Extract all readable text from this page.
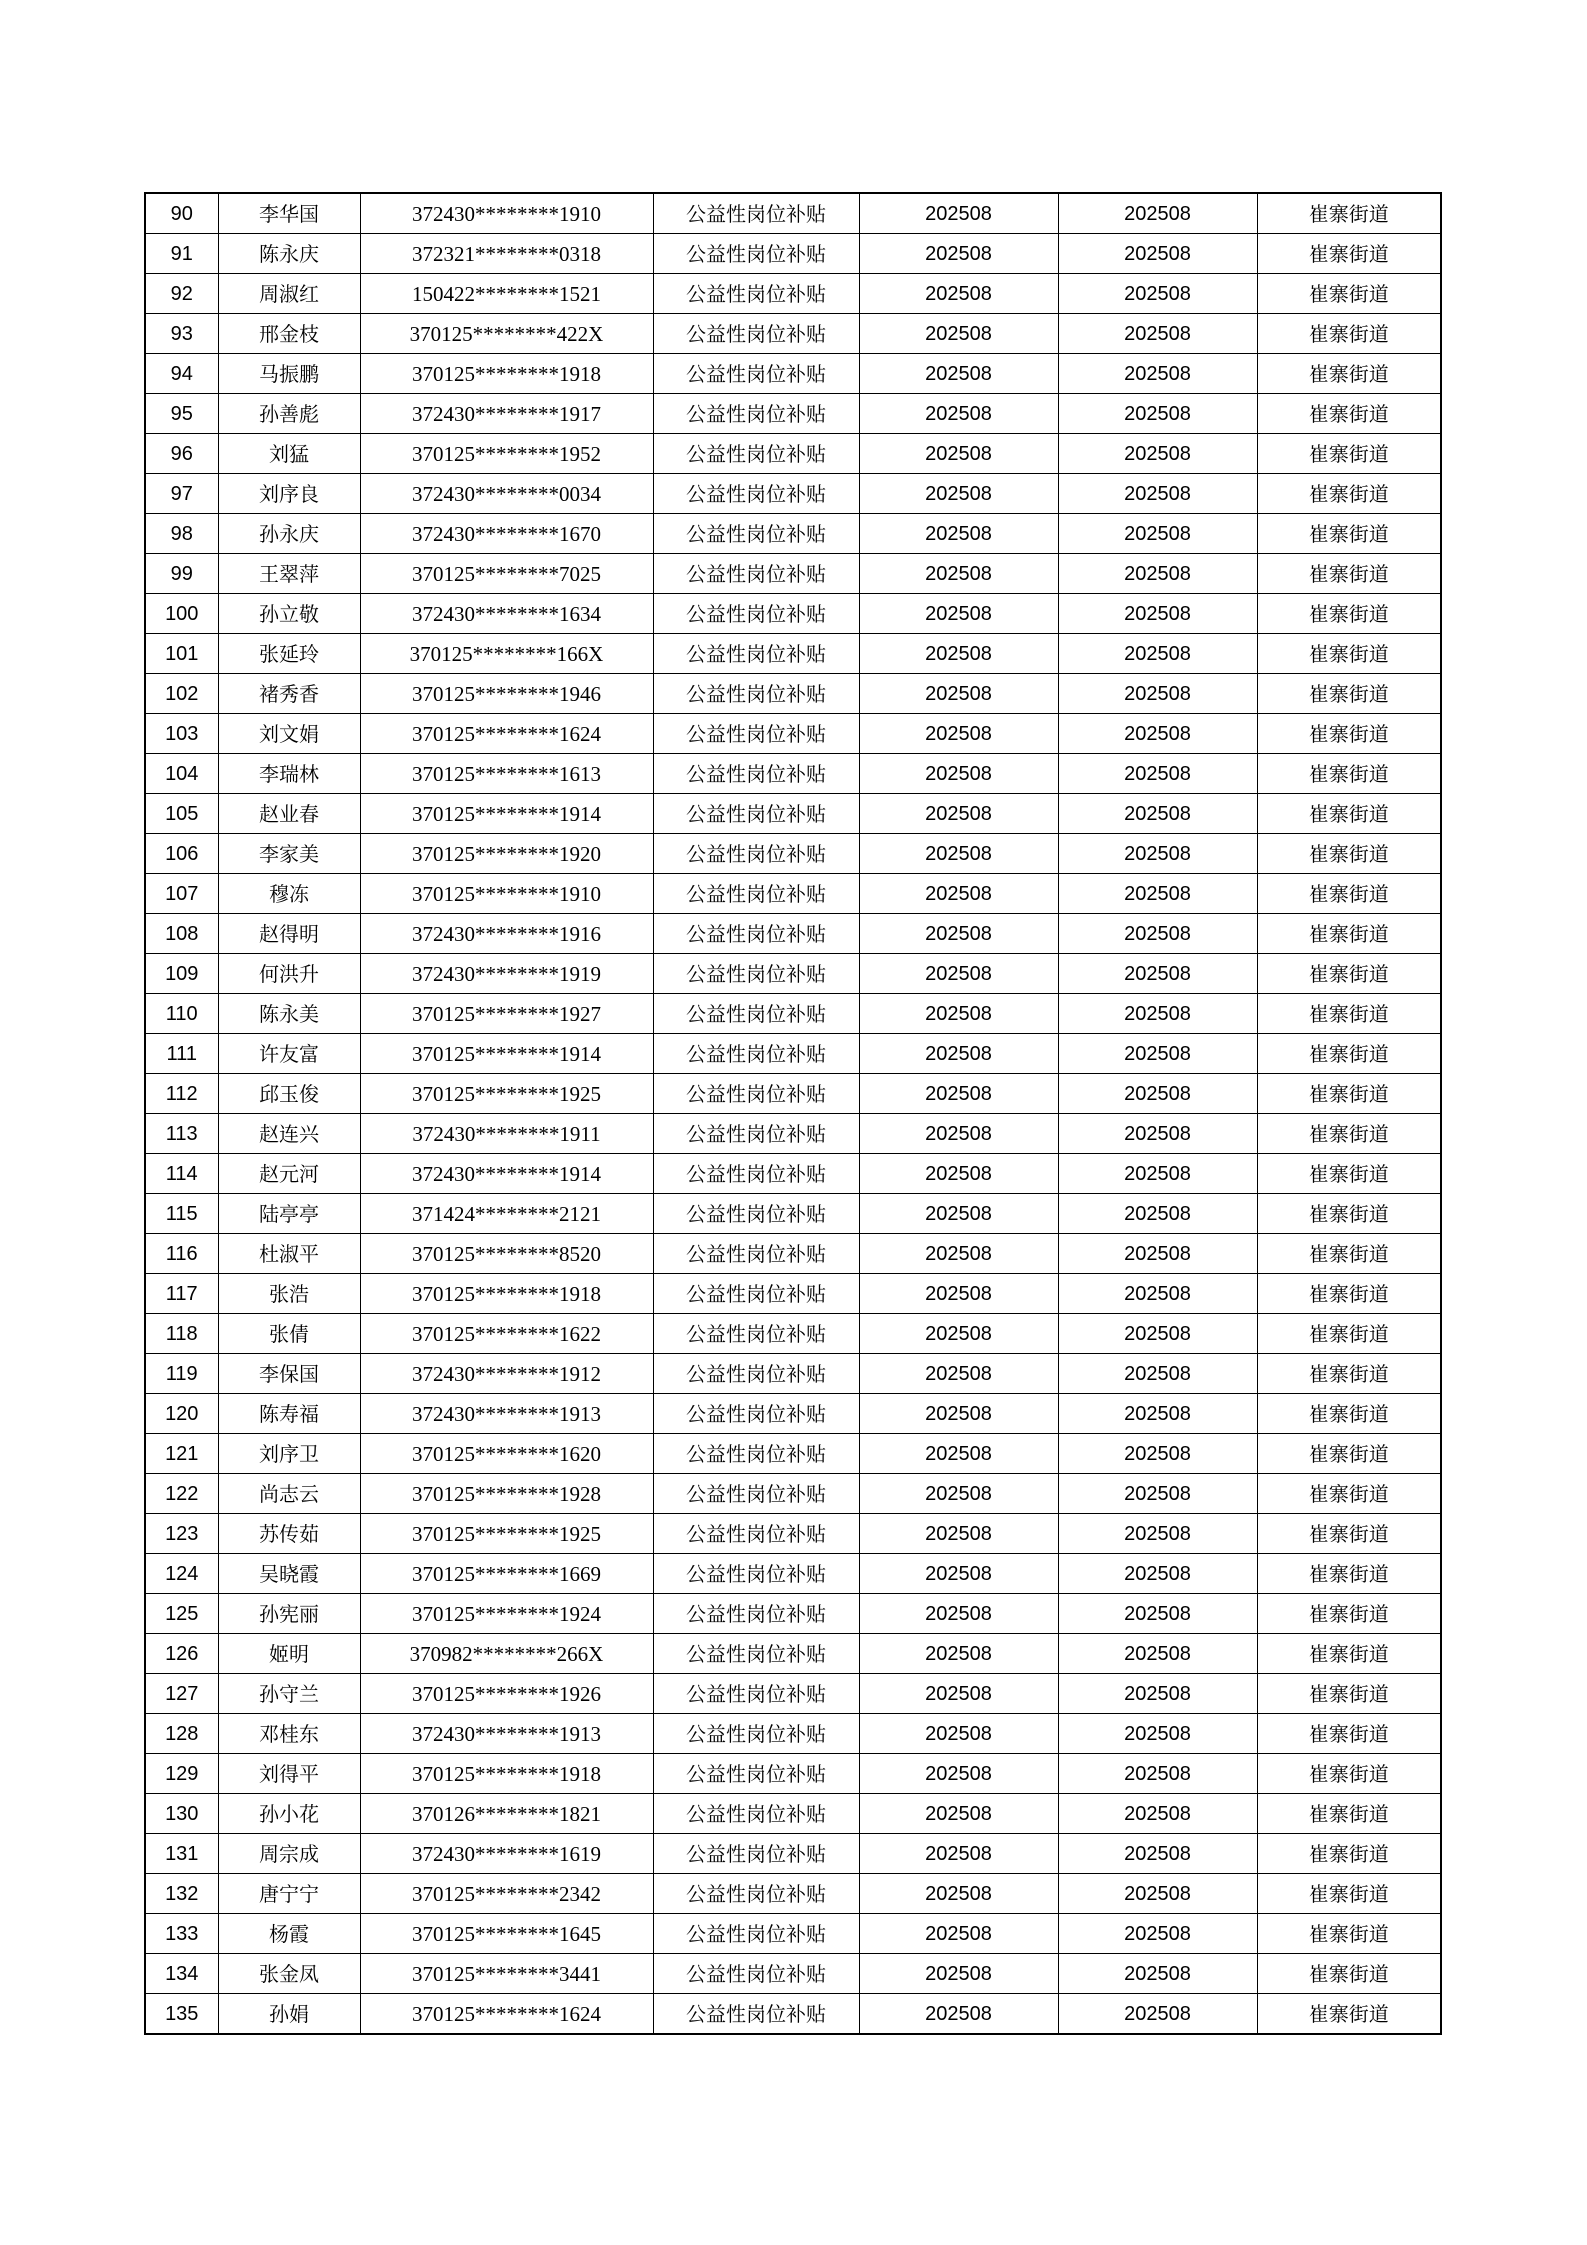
90	李华国	372430********1910	公益性岗位补贴	202508	202508	崔寨街道
91	陈永庆	372321********0318	公益性岗位补贴	202508	202508	崔寨街道
92	周淑红	150422********1521	公益性岗位补贴	202508	202508	崔寨街道
93	邢金枝	370125********422X	公益性岗位补贴	202508	202508	崔寨街道
94	马振鹏	370125********1918	公益性岗位补贴	202508	202508	崔寨街道
95	孙善彪	372430********1917	公益性岗位补贴	202508	202508	崔寨街道
96	刘猛	370125********1952	公益性岗位补贴	202508	202508	崔寨街道
97	刘序良	372430********0034	公益性岗位补贴	202508	202508	崔寨街道
98	孙永庆	372430********1670	公益性岗位补贴	202508	202508	崔寨街道
99	王翠萍	370125********7025	公益性岗位补贴	202508	202508	崔寨街道
100	孙立敬	372430********1634	公益性岗位补贴	202508	202508	崔寨街道
101	张延玲	370125********166X	公益性岗位补贴	202508	202508	崔寨街道
102	褚秀香	370125********1946	公益性岗位补贴	202508	202508	崔寨街道
103	刘文娟	370125********1624	公益性岗位补贴	202508	202508	崔寨街道
104	李瑞林	370125********1613	公益性岗位补贴	202508	202508	崔寨街道
105	赵业春	370125********1914	公益性岗位补贴	202508	202508	崔寨街道
106	李家美	370125********1920	公益性岗位补贴	202508	202508	崔寨街道
107	穆冻	370125********1910	公益性岗位补贴	202508	202508	崔寨街道
108	赵得明	372430********1916	公益性岗位补贴	202508	202508	崔寨街道
109	何洪升	372430********1919	公益性岗位补贴	202508	202508	崔寨街道
110	陈永美	370125********1927	公益性岗位补贴	202508	202508	崔寨街道
111	许友富	370125********1914	公益性岗位补贴	202508	202508	崔寨街道
112	邱玉俊	370125********1925	公益性岗位补贴	202508	202508	崔寨街道
113	赵连兴	372430********1911	公益性岗位补贴	202508	202508	崔寨街道
114	赵元河	372430********1914	公益性岗位补贴	202508	202508	崔寨街道
115	陆亭亭	371424********2121	公益性岗位补贴	202508	202508	崔寨街道
116	杜淑平	370125********8520	公益性岗位补贴	202508	202508	崔寨街道
117	张浩	370125********1918	公益性岗位补贴	202508	202508	崔寨街道
118	张倩	370125********1622	公益性岗位补贴	202508	202508	崔寨街道
119	李保国	372430********1912	公益性岗位补贴	202508	202508	崔寨街道
120	陈寿福	372430********1913	公益性岗位补贴	202508	202508	崔寨街道
121	刘序卫	370125********1620	公益性岗位补贴	202508	202508	崔寨街道
122	尚志云	370125********1928	公益性岗位补贴	202508	202508	崔寨街道
123	苏传茹	370125********1925	公益性岗位补贴	202508	202508	崔寨街道
124	吴晓霞	370125********1669	公益性岗位补贴	202508	202508	崔寨街道
125	孙宪丽	370125********1924	公益性岗位补贴	202508	202508	崔寨街道
126	姬明	370982********266X	公益性岗位补贴	202508	202508	崔寨街道
127	孙守兰	370125********1926	公益性岗位补贴	202508	202508	崔寨街道
128	邓桂东	372430********1913	公益性岗位补贴	202508	202508	崔寨街道
129	刘得平	370125********1918	公益性岗位补贴	202508	202508	崔寨街道
130	孙小花	370126********1821	公益性岗位补贴	202508	202508	崔寨街道
131	周宗成	372430********1619	公益性岗位补贴	202508	202508	崔寨街道
132	唐宁宁	370125********2342	公益性岗位补贴	202508	202508	崔寨街道
133	杨霞	370125********1645	公益性岗位补贴	202508	202508	崔寨街道
134	张金凤	370125********3441	公益性岗位补贴	202508	202508	崔寨街道
135	孙娟	370125********1624	公益性岗位补贴	202508	202508	崔寨街道
